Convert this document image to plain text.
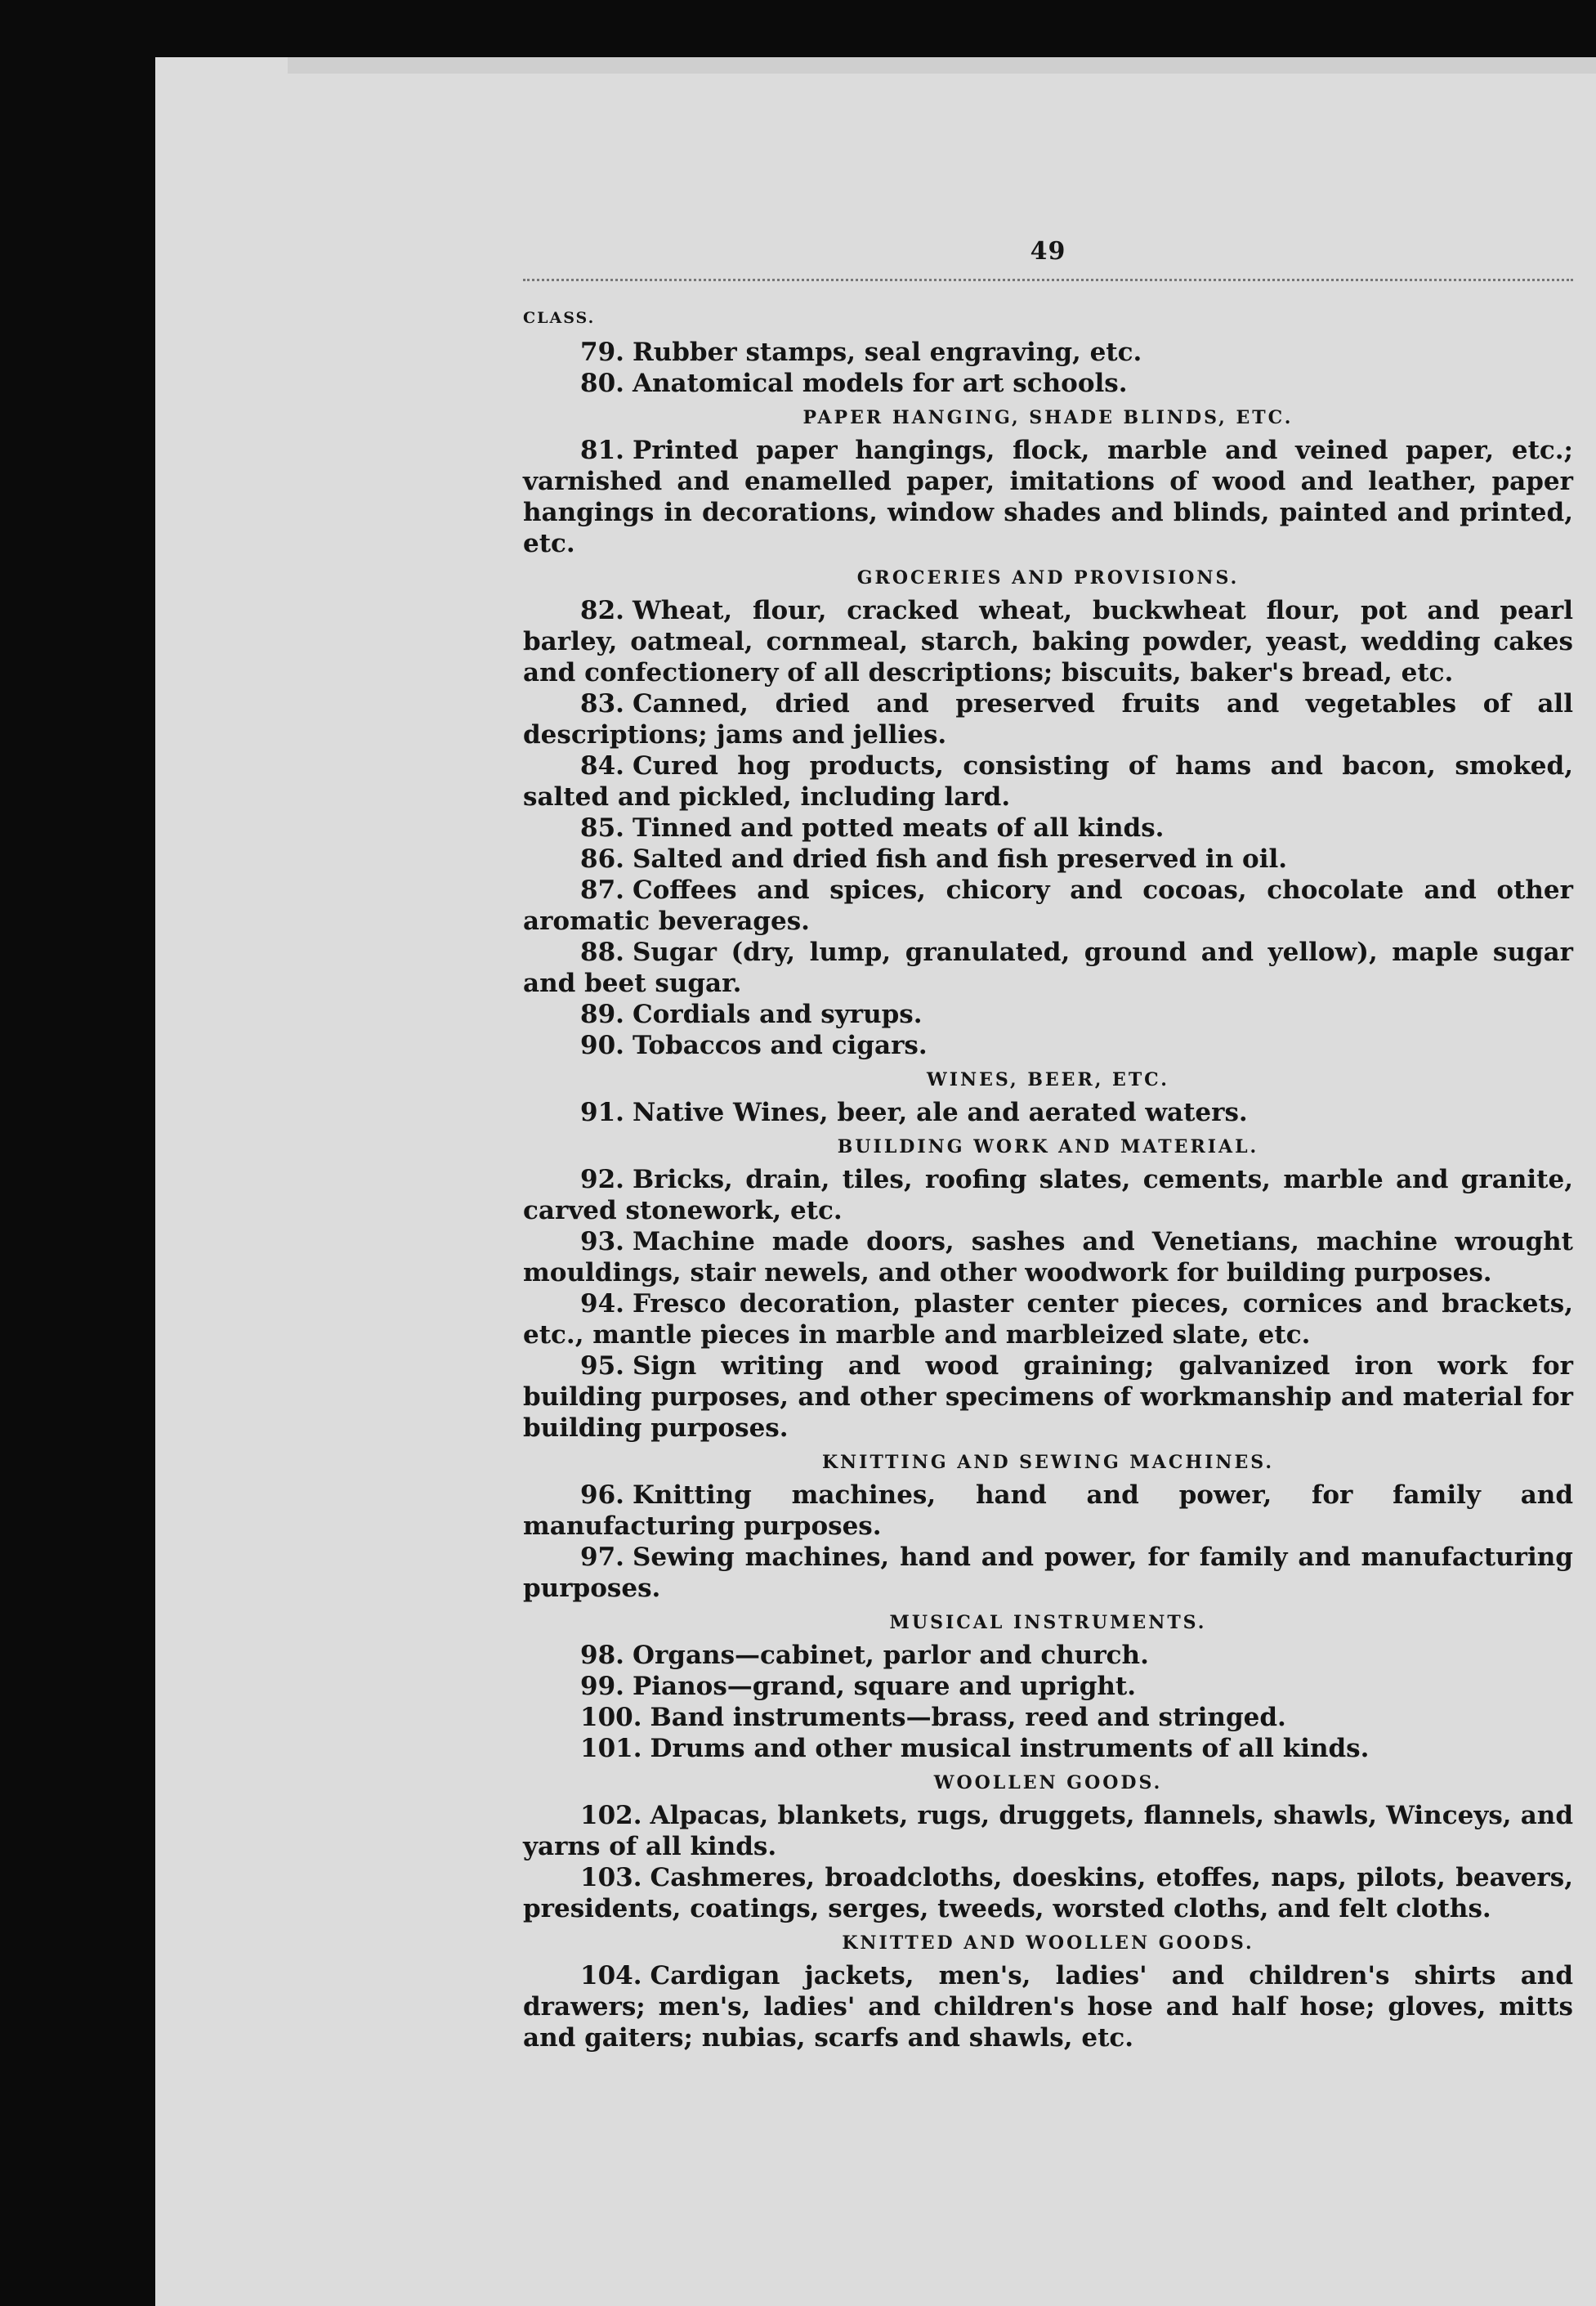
49
CLASS.

79. Rubber stamps, seal engraving, etc.

80. Anatomical models for art schools.

PAPER HANGING, SHADE BLINDS, ETC.

81. Printed paper hangings, flock, marble and veined paper, etc.; varnished and enamelled paper, imitations of wood and leather, paper hangings in decorations, window shades and blinds, painted and printed, etc.

GROCERIES AND PROVISIONS.

82. Wheat, flour, cracked wheat, buckwheat flour, pot and pearl barley, oatmeal, cornmeal, starch, baking powder, yeast, wedding cakes and confectionery of all descriptions; biscuits, baker's bread, etc.

83. Canned, dried and preserved fruits and vegetables of all descriptions; jams and jellies.

84. Cured hog products, consisting of hams and bacon, smoked, salted and pickled, including lard.

85. Tinned and potted meats of all kinds.

86. Salted and dried fish and fish preserved in oil.

87. Coffees and spices, chicory and cocoas, chocolate and other aromatic beverages.

88. Sugar (dry, lump, granulated, ground and yellow), maple sugar and beet sugar.

89. Cordials and syrups.

90. Tobaccos and cigars.

WINES, BEER, ETC.

91. Native Wines, beer, ale and aerated waters.

BUILDING WORK AND MATERIAL.

92. Bricks, drain, tiles, roofing slates, cements, marble and granite, carved stonework, etc.

93. Machine made doors, sashes and Venetians, machine wrought mouldings, stair newels, and other woodwork for building purposes.

94. Fresco decoration, plaster center pieces, cornices and brackets, etc., mantle pieces in marble and marbleized slate, etc.

95. Sign writing and wood graining; galvanized iron work for building purposes, and other specimens of workmanship and material for building purposes.

KNITTING AND SEWING MACHINES.

96. Knitting machines, hand and power, for family and manufacturing purposes.

97. Sewing machines, hand and power, for family and manufacturing purposes.

MUSICAL INSTRUMENTS.

98. Organs—cabinet, parlor and church.

99. Pianos—grand, square and upright.

100. Band instruments—brass, reed and stringed.

101. Drums and other musical instruments of all kinds.

WOOLLEN GOODS.

102. Alpacas, blankets, rugs, druggets, flannels, shawls, Winceys, and yarns of all kinds.

103. Cashmeres, broadcloths, doeskins, etoffes, naps, pilots, beavers, presidents, coatings, serges, tweeds, worsted cloths, and felt cloths.

KNITTED AND WOOLLEN GOODS.

104. Cardigan jackets, men's, ladies' and children's shirts and drawers; men's, ladies' and children's hose and half hose; gloves, mitts and gaiters; nubias, scarfs and shawls, etc.
